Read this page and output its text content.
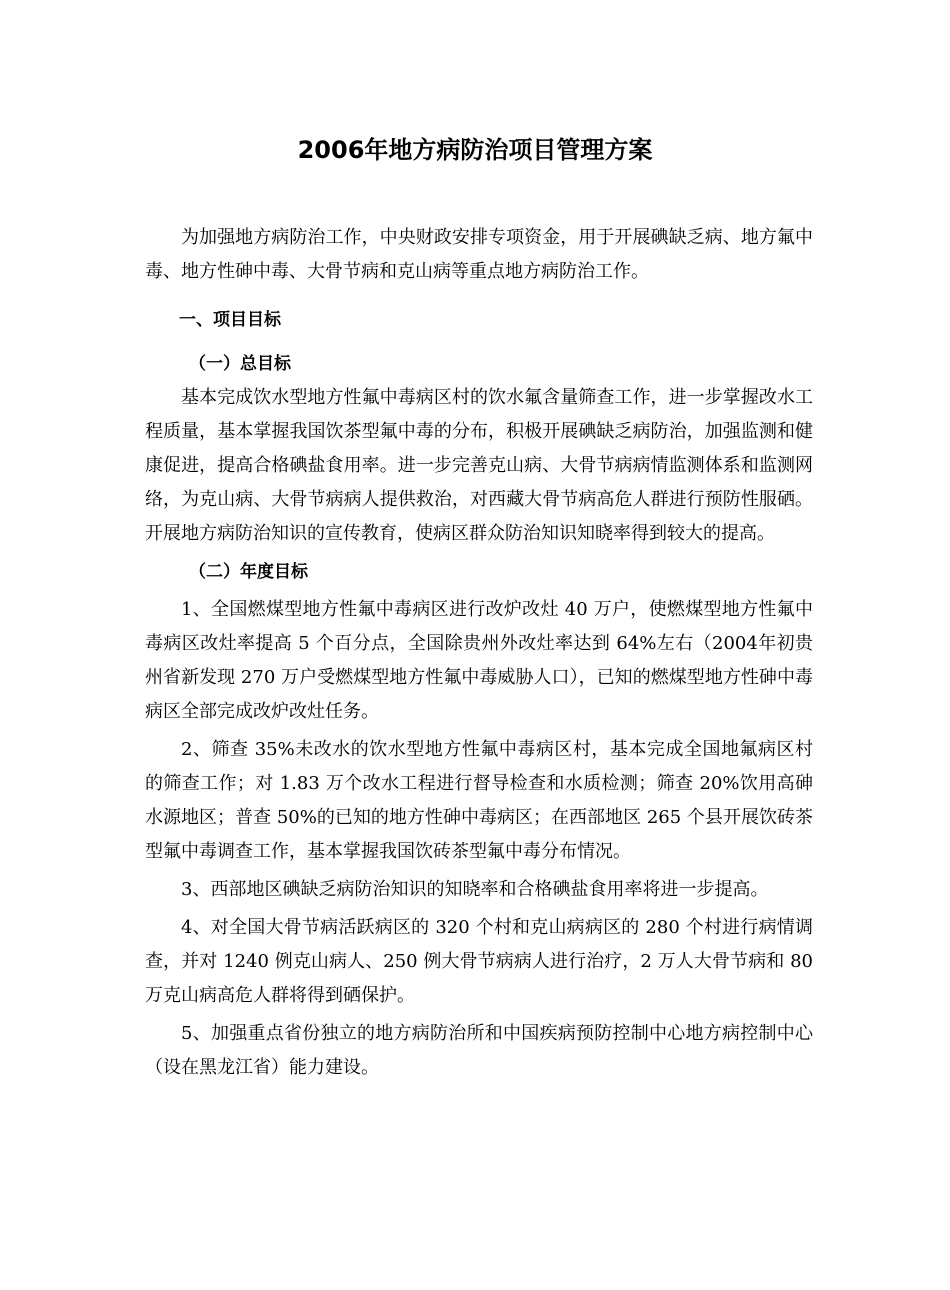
2006年地方病防治项目管理方案

为加强地方病防治工作，中央财政安排专项资金，用于开展碘缺乏病、地方氟中毒、地方性砷中毒、大骨节病和克山病等重点地方病防治工作。

一、项目目标

（一）总目标

基本完成饮水型地方性氟中毒病区村的饮水氟含量筛查工作，进一步掌握改水工程质量，基本掌握我国饮茶型氟中毒的分布，积极开展碘缺乏病防治，加强监测和健康促进，提高合格碘盐食用率。进一步完善克山病、大骨节病病情监测体系和监测网络，为克山病、大骨节病病人提供救治，对西藏大骨节病高危人群进行预防性服硒。开展地方病防治知识的宣传教育，使病区群众防治知识知晓率得到较大的提高。

（二）年度目标

1、全国燃煤型地方性氟中毒病区进行改炉改灶 40 万户，使燃煤型地方性氟中毒病区改灶率提高 5 个百分点，全国除贵州外改灶率达到 64%左右（2004年初贵州省新发现 270 万户受燃煤型地方性氟中毒威胁人口），已知的燃煤型地方性砷中毒病区全部完成改炉改灶任务。

2、筛查 35%未改水的饮水型地方性氟中毒病区村，基本完成全国地氟病区村的筛查工作；对 1.83 万个改水工程进行督导检查和水质检测；筛查 20%饮用高砷水源地区；普查 50%的已知的地方性砷中毒病区；在西部地区 265 个县开展饮砖茶型氟中毒调查工作，基本掌握我国饮砖茶型氟中毒分布情况。

3、西部地区碘缺乏病防治知识的知晓率和合格碘盐食用率将进一步提高。

4、对全国大骨节病活跃病区的 320 个村和克山病病区的 280 个村进行病情调查，并对 1240 例克山病人、250 例大骨节病病人进行治疗，2 万人大骨节病和 80 万克山病高危人群将得到硒保护。

5、加强重点省份独立的地方病防治所和中国疾病预防控制中心地方病控制中心（设在黑龙江省）能力建设。
